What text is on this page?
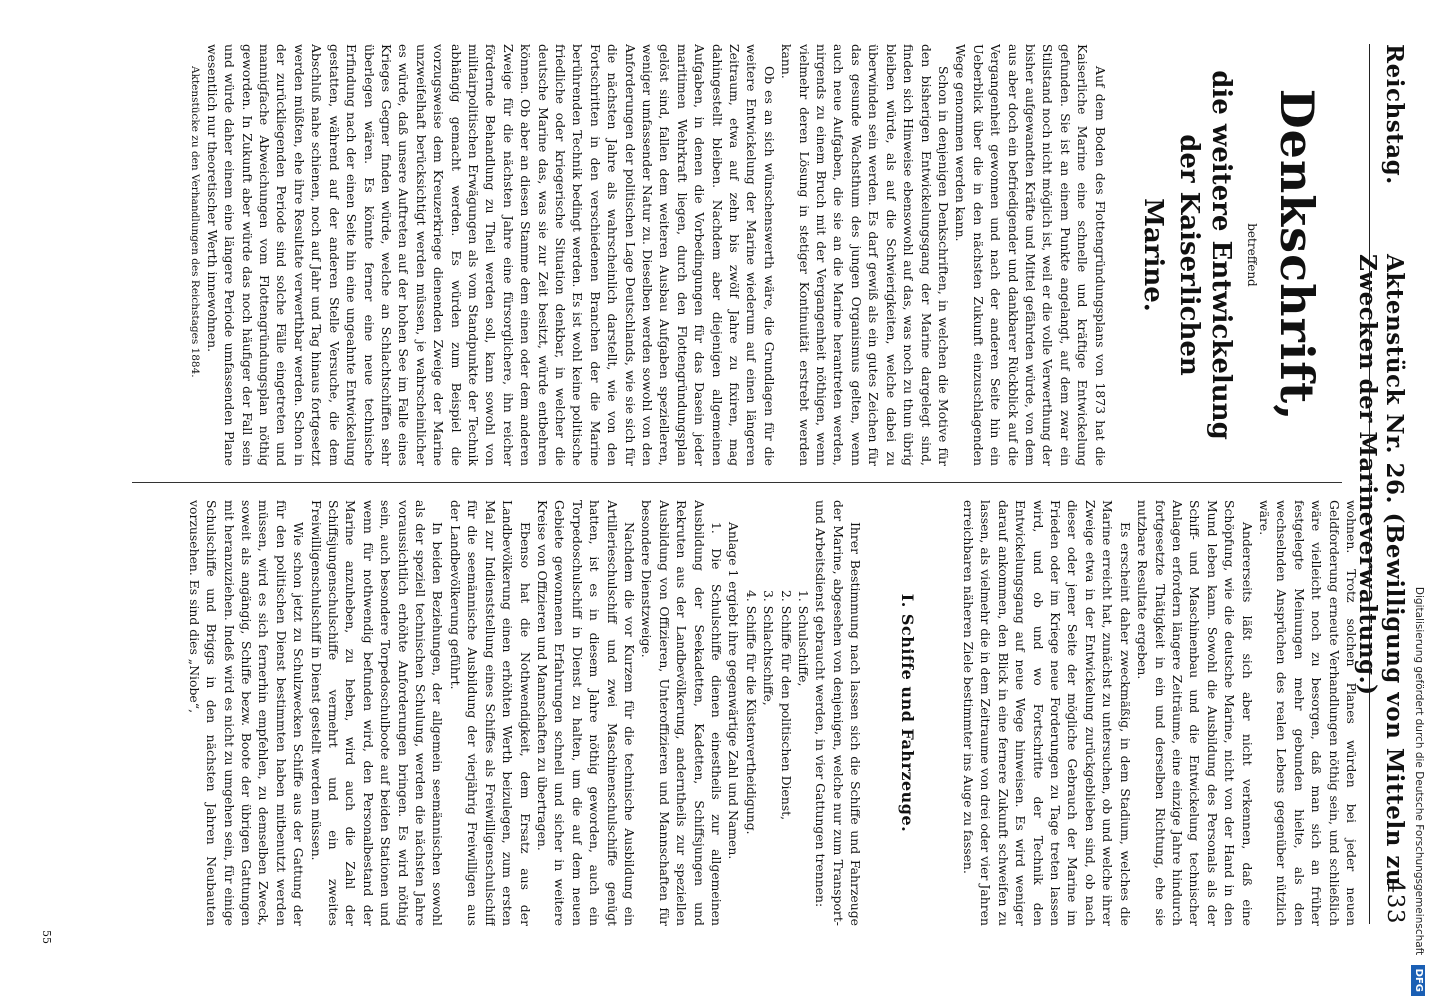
Reichstag.
Aktenstück Nr. 26. (Bewilligung von Mitteln zu Zwecken der Marineverwaltung.)
433
Denkschrift,
betreffend
die weitere Entwickelung der Kaiserlichen
Marine.

Auf dem Boden des Flottengründungsplans von 1873 hat die Kaiserliche Marine eine schnelle und kräftige Entwickelung gefunden. Sie ist an einem Punkte angelangt, auf dem zwar ein Stillstand noch nicht möglich ist, weil er die volle Verwerthung der bisher aufgewandten Kräfte und Mittel gefährden würde, von dem aus aber doch ein befriedigender und dankbarer Rückblick auf die Vergangenheit gewonnen und nach der anderen Seite hin ein Ueberblick über die in den nächsten Zukunft einzuschlagenden Wege genommen werden kann.

Schon in denjenigen Denkschriften, in welchen die Motive für den bisherigen Entwickelungsgang der Marine dargelegt sind, finden sich Hinweise ebensowohl auf das, was noch zu thun übrig bleiben würde, als auf die Schwierigkeiten, welche dabei zu überwinden sein werden. Es darf gewiß als ein gutes Zeichen für das gesunde Wachsthum des jungen Organismus gelten, wenn auch neue Aufgaben, die sie an die Marine herantreten werden, nirgends zu einem Bruch mit der Vergangenheit nöthigen, wenn vielmehr deren Lösung in stetiger Kontinuität erstrebt werden kann.

Ob es an sich wünschenswerth wäre, die Grundlagen für die weitere Entwickelung der Marine wiederum auf einen längeren Zeitraum, etwa auf zehn bis zwölf Jahre zu fixiren, mag dahingestellt bleiben. Nachdem aber diejenigen allgemeinen Aufgaben, in denen die Vorbedingungen für das Dasein jeder maritimen Wehrkraft liegen, durch den Flottengründungsplan gelöst sind, fallen dem weiteren Ausbau Aufgaben spezielleren, weniger umfassender Natur zu. Dieselben werden sowohl von den Anforderungen der politischen Lage Deutschlands, wie sie sich für die nächsten Jahre als wahrscheinlich darstellt, wie von den Fortschritten in den verschiedenen Branchen der die Marine berührenden Technik bedingt werden. Es ist wohl keine politische friedliche oder kriegerische Situation denkbar, in welcher die deutsche Marine das, was sie zur Zeit besitzt, würde entbehren können. Ob aber an diesen Stamme dem einen oder dem anderen Zweige für die nächsten Jahre eine fürsorglichere, ihn reicher fördernde Behandlung zu Theil werden soll, kann sowohl von militairpolitischen Erwägungen als vom Standpunkte der Technik abhängig gemacht werden. Es würden zum Beispiel die vorzugsweise dem Kreuzerkriege dienenden Zweige der Marine unzweifelhaft berücksichtigt werden müssen, je wahrscheinlicher es würde, daß unsere Auftreten auf der hohen See im Falle eines Krieges Gegner finden würde, welche an Schlachtschiffen sehr überlegen wären. Es könnte ferner eine neue technische Erfindung nach der einen Seite hin eine ungeahnte Entwickelung gestatten, während auf der anderen Stelle Versuche, die dem Abschluß nahe schienen, noch auf Jahr und Tag hinaus fortgesetzt werden müßten, ehe ihre Resultate verwerthbar werden. Schon in der zurückliegenden Periode sind solche Fälle eingetreten und mannigfache Abweichungen vom Flottengründungsplan nöthig geworden. In Zukunft aber würde das noch häufiger der Fall sein und würde daher einem eine längere Periode umfassenden Plane wesentlich nur theoretischer Werth innewohnen.

Aktenstücke zu den Verhandlungen des Reichstages 1884.

wohnen. Trotz solchen Planes würden bei jeder neuen Geldforderung erneute Verhandlungen nöthig sein, und schließlich wäre vielleicht noch zu besorgen, daß man sich an früher festgelegte Meinungen mehr gebunden hielte, als den wechselnden Ansprüchen des realen Lebens gegenüber nützlich wäre.

Andererseits läßt sich aber nicht verkennen, daß eine Schöpfung, wie die deutsche Marine, nicht von der Hand in den Mund leben kann. Sowohl die Ausbildung des Personals als der Schiff- und Maschinenbau und die Entwickelung technischer Anlagen erfordern längere Zeiträume, eine einzige Jahre hindurch fortgesetzte Thätigkeit in ein und derselben Richtung, ehe sie nutzbare Resultate ergeben.

Es erscheint daher zweckmäßig, in dem Stadium, welches die Marine erreicht hat, zunächst zu untersuchen, ob und welche ihrer Zweige etwa in der Entwickelung zurückgeblieben sind, ob nach dieser oder jener Seite der mögliche Gebrauch der Marine im Frieden oder im Kriege neue Forderungen zu Tage treten lassen wird, und ob und wo Fortschritte der Technik den Entwickelungsgang auf neue Wege hinweisen. Es wird weniger darauf ankommen, den Blick in eine fernere Zukunft schweifen zu lassen, als vielmehr die in dem Zeitraume von drei oder vier Jahren erreichbaren näheren Ziele bestimmter ins Auge zu fassen.

I. Schiffe und Fahrzeuge.

Ihrer Bestimmung nach lassen sich die Schiffe und Fahrzeuge der Marine, abgesehen von denjenigen, welche nur zum Transport- und Arbeitsdienst gebraucht werden, in vier Gattungen trennen:

1. Schulschiffe,
2. Schiffe für den politischen Dienst,
3. Schlachtschiffe,
4. Schiffe für die Küstenvertheidigung.

Anlage 1 ergiebt ihre gegenwärtige Zahl und Namen.

1. Die Schulschiffe dienen einestheils zur allgemeinen Ausbildung der Seekadetten, Kadetten, Schiffsjungen und Rekruten aus der Landbevölkerung, anderntheils zur speziellen Ausbildung von Offizieren, Unteroffizieren und Mannschaften für besondere Dienstzweige.

Nachdem die vor Kurzem für die technische Ausbildung ein Artillerieschulschiff und zwei Maschinenschulschiffe genügt hatten, ist es in diesem Jahre nöthig geworden, auch ein Torpedoschulschiff in Dienst zu halten, um die auf dem neuen Gebiete gewonnenen Erfahrungen schnell und sicher in weitere Kreise von Offizieren und Mannschaften zu übertragen.

Ebenso hat die Nothwendigkeit, dem Ersatz aus der Landbevölkerung einen erhöhten Werth beizulegen, zum ersten Mal zur Indienststellung eines Schiffes als Freiwilligenschulschiff für die seemännische Ausbildung der vierjährig Freiwilligen aus der Landbevölkerung geführt.

In beiden Beziehungen, der allgemein seemännischen sowohl als der speziell technischen Schulung, werden die nächsten Jahre voraussichtlich erhöhte Anforderungen bringen. Es wird nöthig sein, auch besondere Torpedoschulboote auf beiden Stationen und wenn für nothwendig befunden wird, den Personalbestand der Marine anzuheben, zu heben, wird auch die Zahl der Schiffsjungenschulschiffe vermehrt und ein zweites Freiwilligenschulschiff in Dienst gestellt werden müssen.

Wie schon jetzt zu Schulzwecken Schiffe aus der Gattung der für den politischen Dienst bestimmten haben mitbenutzt werden müssen, wird es sich fernerhin empfehlen, zu demselben Zweck, soweit als angängig, Schiffe bezw. Boote der übrigen Gattungen mit heranzuziehen. Indeß wird es nicht zu umgehen sein, für einige Schulschiffe und Briggs in den nächsten Jahren Neubauten vorzusehen. Es sind dies „Niobe“,

55	Digitalisierung gefördert durch die Deutsche Forschungsgemeinschaft DFG
